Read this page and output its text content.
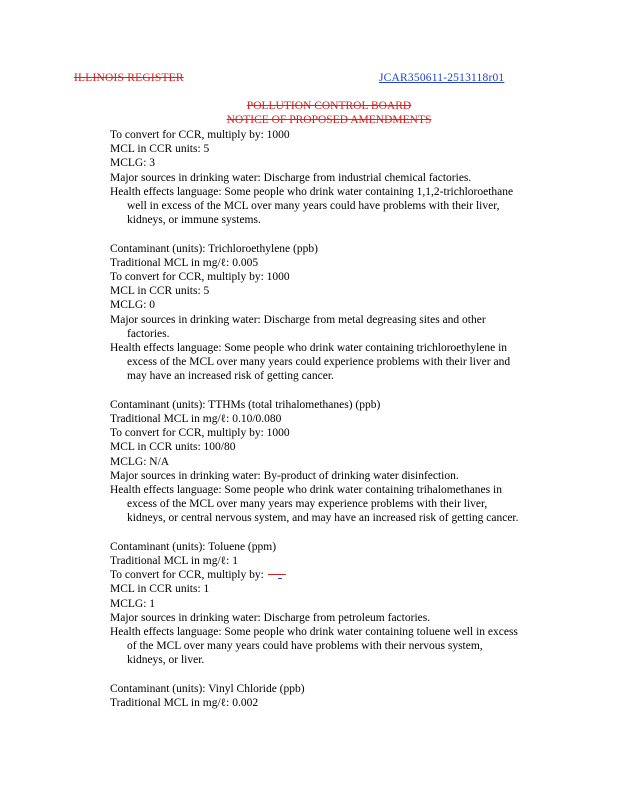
ILLINOIS REGISTER	JCAR350611-2513118r01
POLLUTION CONTROL BOARD
NOTICE OF PROPOSED AMENDMENTS
To convert for CCR, multiply by: 1000
MCL in CCR units: 5
MCLG: 3
Major sources in drinking water: Discharge from industrial chemical factories.
Health effects language: Some people who drink water containing 1,1,2-trichloroethane
well in excess of the MCL over many years could have problems with their liver,
kidneys, or immune systems.
Contaminant (units): Trichloroethylene (ppb)
Traditional MCL in mg/ℓ: 0.005
To convert for CCR, multiply by: 1000
MCL in CCR units: 5
MCLG: 0
Major sources in drinking water: Discharge from metal degreasing sites and other
factories.
Health effects language: Some people who drink water containing trichloroethylene in
excess of the MCL over many years could experience problems with their liver and
may have an increased risk of getting cancer.
Contaminant (units): TTHMs (total trihalomethanes) (ppb)
Traditional MCL in mg/ℓ: 0.10/0.080
To convert for CCR, multiply by: 1000
MCL in CCR units: 100/80
MCLG: N/A
Major sources in drinking water: By-product of drinking water disinfection.
Health effects language: Some people who drink water containing trihalomethanes in
excess of the MCL over many years may experience problems with their liver,
kidneys, or central nervous system, and may have an increased risk of getting cancer.
Contaminant (units): Toluene (ppm)
Traditional MCL in mg/ℓ: 1
To convert for CCR, multiply by:
MCL in CCR units: 1
MCLG: 1
Major sources in drinking water: Discharge from petroleum factories.
Health effects language: Some people who drink water containing toluene well in excess
of the MCL over many years could have problems with their nervous system,
kidneys, or liver.
Contaminant (units): Vinyl Chloride (ppb)
Traditional MCL in mg/ℓ: 0.002
